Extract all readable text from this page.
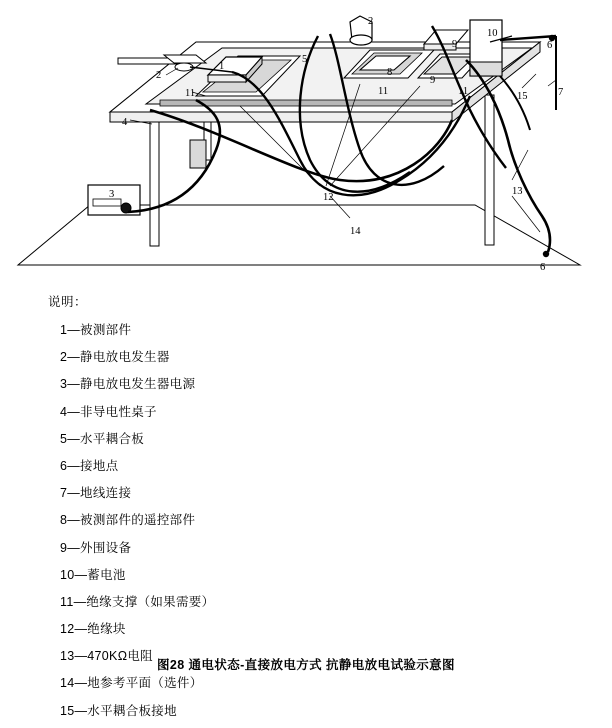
1
2
2
3
4
5
6
6
7
8
9
9
10
11	11	11
12
13
14
15
说明：
1—被测部件
2—静电放电发生器
3—静电放电发生器电源
4—非导电性桌子
5—水平耦合板
6—接地点
7—地线连接
8—被测部件的遥控部件
9—外围设备
10—蓄电池
11—绝缘支撑（如果需要）
12—绝缘块
13—470KΩ电阻
14—地参考平面（选件）
15—水平耦合板接地
图28 通电状态-直接放电方式 抗静电放电试验示意图
